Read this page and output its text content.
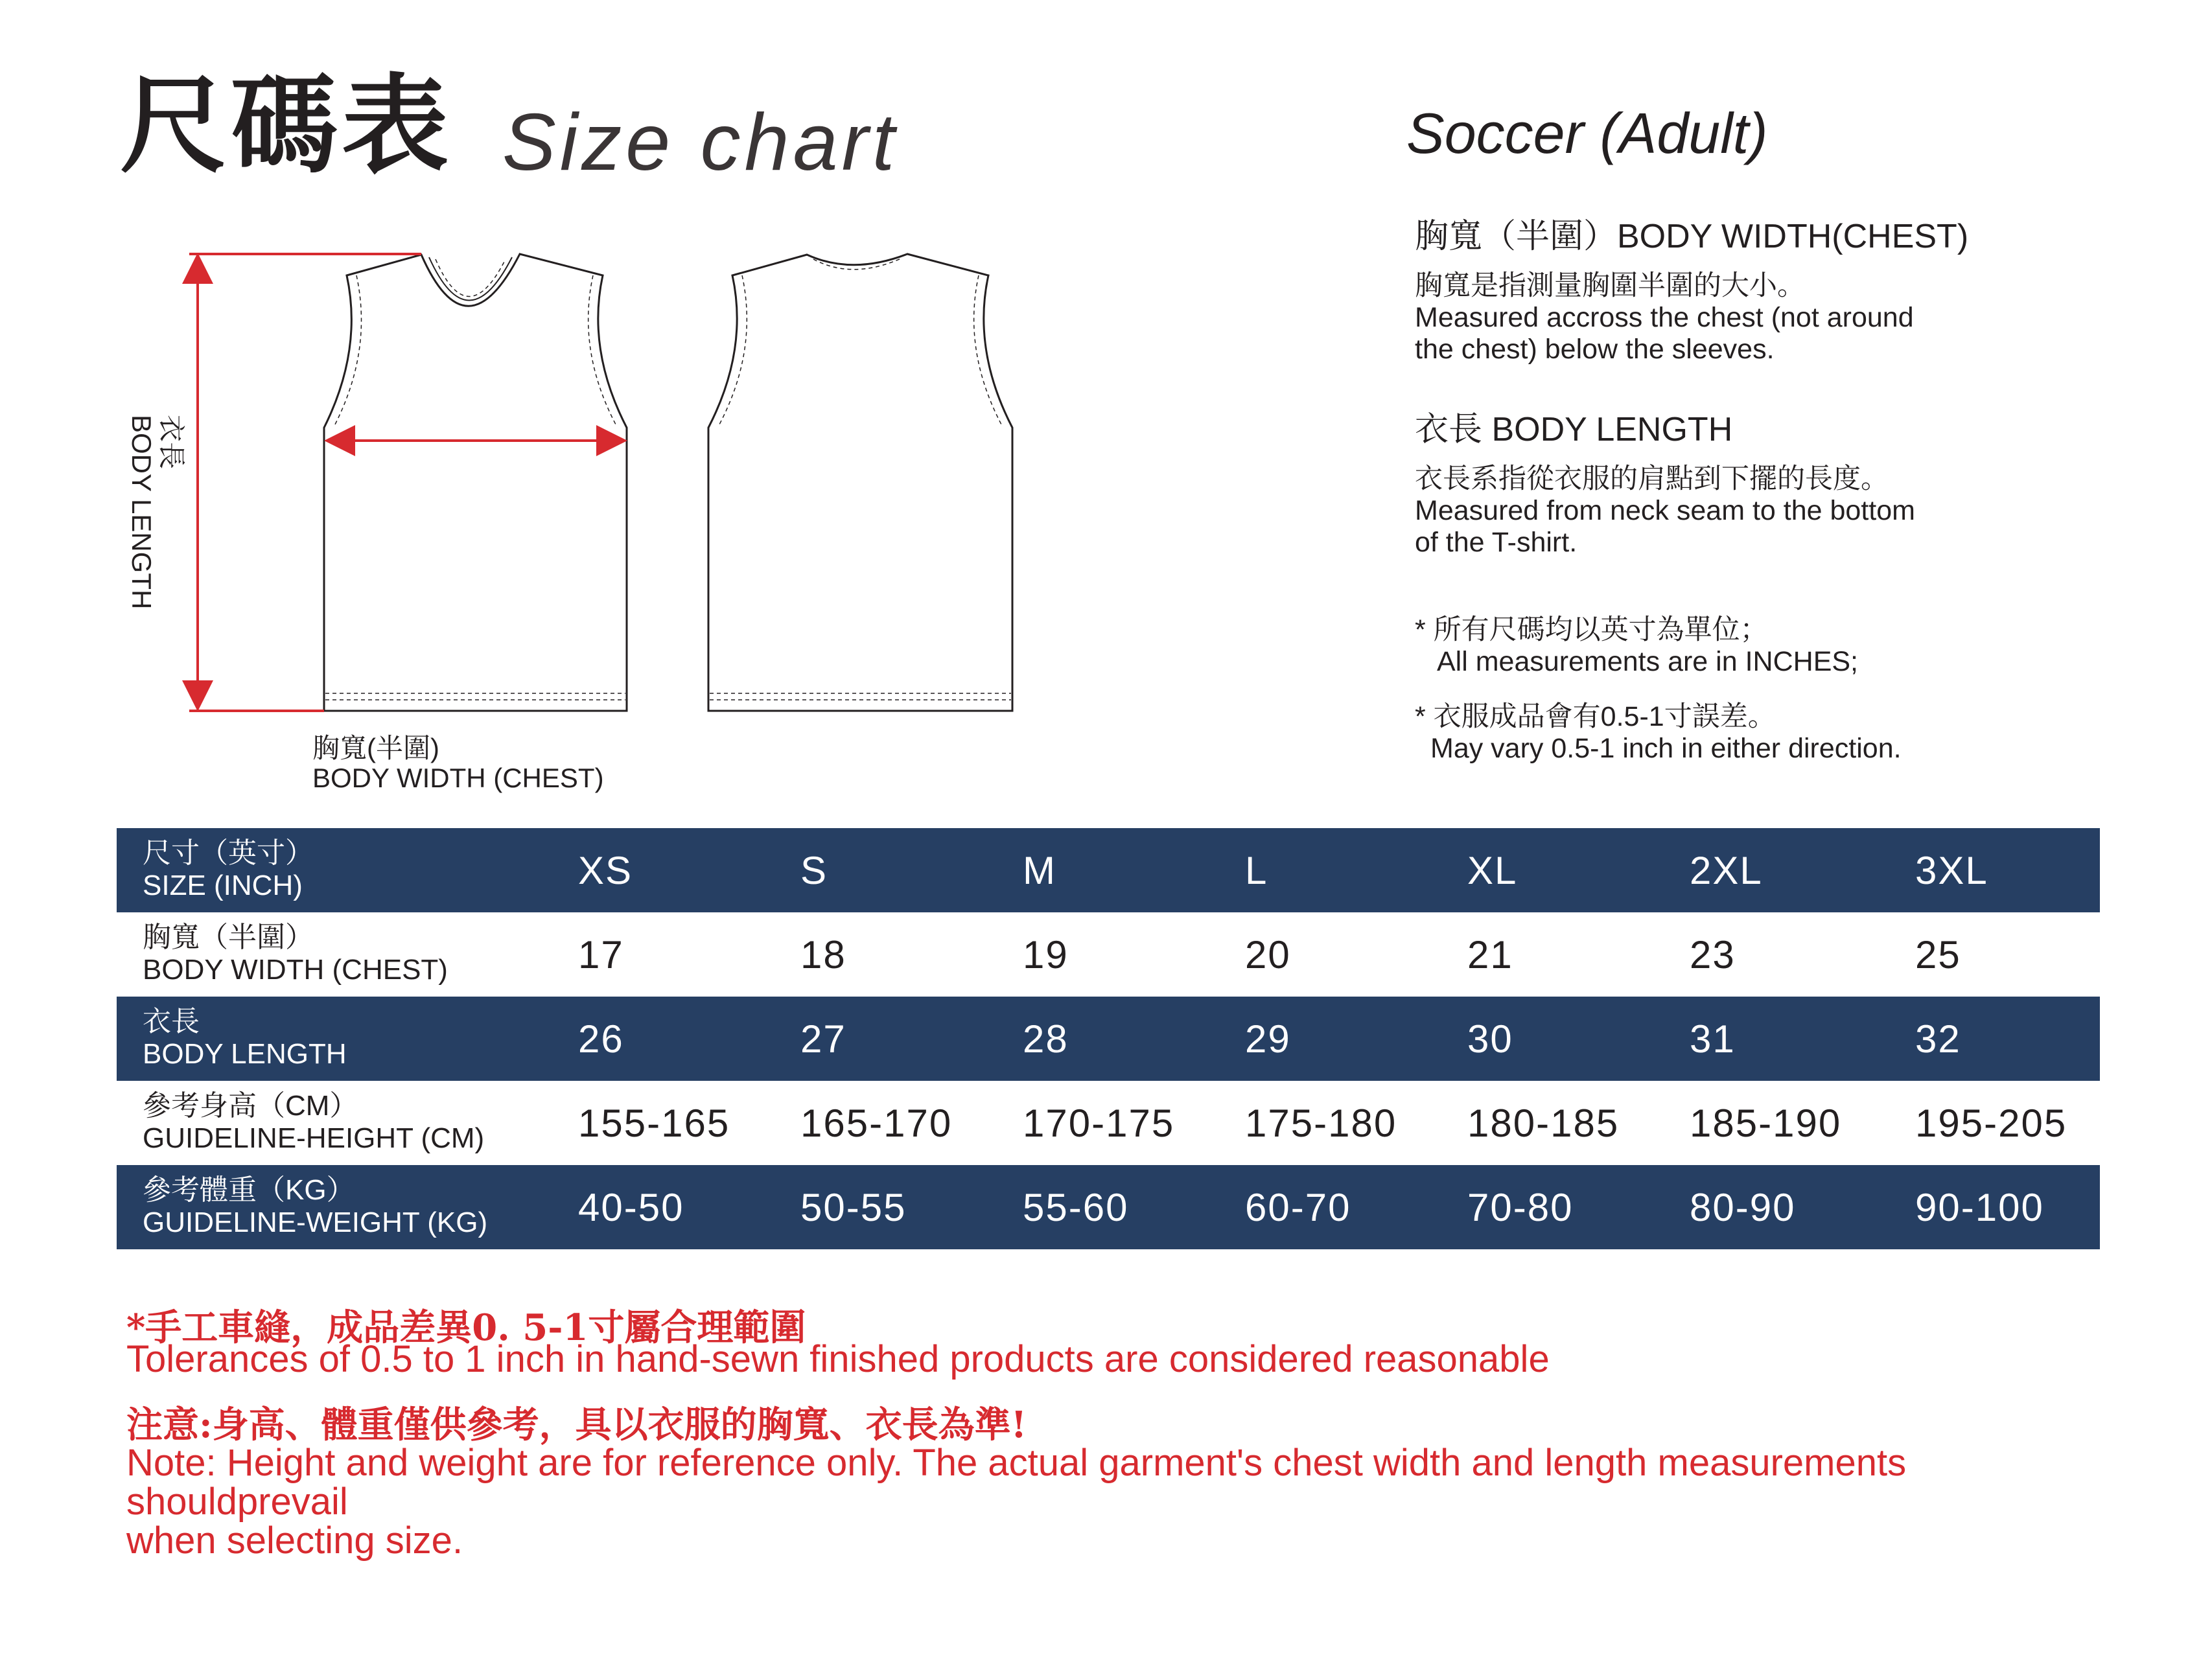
尺碼表 Size chart	Soccer (Adult)
衣長
BODY LENGTH
胸寬(半圍)
BODY WIDTH (CHEST)
胸寬（半圍）BODY WIDTH(CHEST)
胸寬是指測量胸圍半圍的大小。
Measured accross the chest (not around
the chest) below the sleeves.
衣長 BODY LENGTH
衣長系指從衣服的肩點到下擺的長度。
Measured from neck seam to the bottom
of the T-shirt.
* 所有尺碼均以英寸為單位；
All measurements are in INCHES;
* 衣服成品會有0.5-1寸誤差。
May vary 0.5-1 inch in either direction.
尺寸（英寸）
SIZE (INCH)	XS	S	M	L	XL	2XL	3XL
胸寬（半圍）
BODY WIDTH (CHEST)	17	18	19	20	21	23	25
衣長
BODY LENGTH	26	27	28	29	30	31	32
參考身高（CM）
GUIDELINE-HEIGHT (CM) 155-165 165-170 170-175 175-180 180-185 185-190 195-205
參考體重（KG）
GUIDELINE-WEIGHT (KG) 40-50	50-55	55-60	60-70	70-80	80-90	90-100
*手工車縫，成品差異0. 5-1寸屬合理範圍
Tolerances of 0.5 to 1 inch in hand-sewn finished products are considered reasonable
注意:身高、體重僅供參考，具以衣服的胸寬、衣長為準!
Note: Height and weight are for reference only. The actual garment's chest width and length measurements shouldprevail
when selecting size.
